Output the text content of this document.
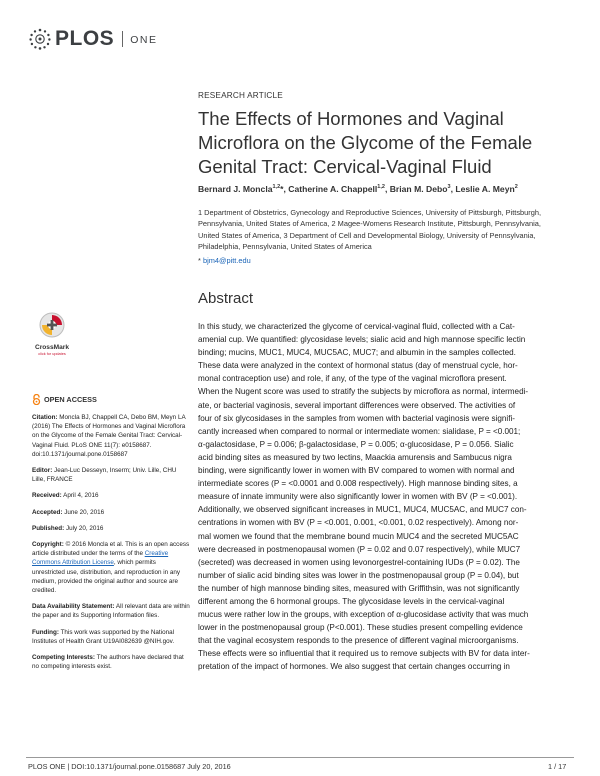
PLOS ONE
RESEARCH ARTICLE
The Effects of Hormones and Vaginal
Microflora on the Glycome of the Female
Genital Tract: Cervical-Vaginal Fluid
Bernard J. Moncla$^{1,2}$*, Catherine A. Chappell$^{1,2}$, Brian M. Debo$^3$, Leslie A. Meyn$^2$
1 Department of Obstetrics, Gynecology and Reproductive Sciences, University of Pittsburgh, Pittsburgh,
Pennsylvania, United States of America, 2 Magee-Womens Research Institute, Pittsburgh, Pennsylvania,
United States of America, 3 Department of Cell and Developmental Biology, University of Pennsylvania,
Philadelphia, Pennsylvania, United States of America
* bjm4@pitt.edu
Abstract

In this study, we characterized the glycome of cervical-vaginal fluid, collected with a Cat-
amenial cup. We quantified: glycosidase levels; sialic acid and high mannose specific lectin
binding; mucins, MUC1, MUC4, MUC5AC, MUC7; and albumin in the samples collected.
These data were analyzed in the context of hormonal status (day of menstrual cycle, hor-
monal contraception use) and role, if any, of the type of the vaginal microflora present.
When the Nugent score was used to stratify the subjects by microflora as normal, intermedi-
ate, or bacterial vaginosis, several important differences were observed. The activities of
four of six glycosidases in the samples from women with bacterial vaginosis were signifi-
cantly increased when compared to normal or intermediate women: sialidase, P = <0.001;
α-galactosidase, P = 0.006; β-galactosidase, P = 0.005; α-glucosidase, P = 0.056. Sialic
acid binding sites as measured by two lectins, Maackia amurensis and Sambucus nigra
binding, were significantly lower in women with BV compared to women with normal and
intermediate scores (P = <0.0001 and 0.008 respectively). High mannose binding sites, a
measure of innate immunity were also significantly lower in women with BV (P = <0.001).
Additionally, we observed significant increases in MUC1, MUC4, MUC5AC, and MUC7 con-
centrations in women with BV (P = <0.001, 0.001, <0.001, 0.02 respectively). Among nor-
mal women we found that the membrane bound mucin MUC4 and the secreted MUC5AC
were decreased in postmenopausal women (P = 0.02 and 0.07 respectively), while MUC7
(secreted) was decreased in women using levonorgestrel-containing IUDs (P = 0.02). The
number of sialic acid binding sites was lower in the postmenopausal group (P = 0.04), but
the number of high mannose binding sites, measured with Griffithsin, was not significantly
different among the 6 hormonal groups. The glycosidase levels in the cervical-vaginal
mucus were rather low in the groups, with exception of α-glucosidase activity that was much
lower in the postmenopausal group (P<0.001). These studies present compelling evidence
that the vaginal ecosystem responds to the presence of different vaginal microorganisms.
These effects were so influential that it required us to remove subjects with BV for data inter-
pretation of the impact of hormones. We also suggest that certain changes occurring in

CrossMark
click for updates
OPEN ACCESS
Citation: Moncla BJ, Chappell CA, Debo BM, Meyn LA (2016) The Effects of Hormones and Vaginal Microflora on the Glycome of the Female Genital Tract: Cervical-Vaginal Fluid. PLoS ONE 11(7): e0158687. doi:10.1371/journal.pone.0158687
Editor: Jean-Luc Desseyn, Inserm; Univ. Lille, CHU Lille, FRANCE
Received: April 4, 2016
Accepted: June 20, 2016
Published: July 20, 2016
Copyright: © 2016 Moncla et al. This is an open access article distributed under the terms of the Creative Commons Attribution License, which permits unrestricted use, distribution, and reproduction in any medium, provided the original author and source are credited.
Data Availability Statement: All relevant data are within the paper and its Supporting Information files.
Funding: This work was supported by the National Institutes of Health Grant U19AI082639 @NIH.gov.
Competing Interests: The authors have declared that no competing interests exist.
PLOS ONE | DOI:10.1371/journal.pone.0158687 July 20, 2016	1 / 17
